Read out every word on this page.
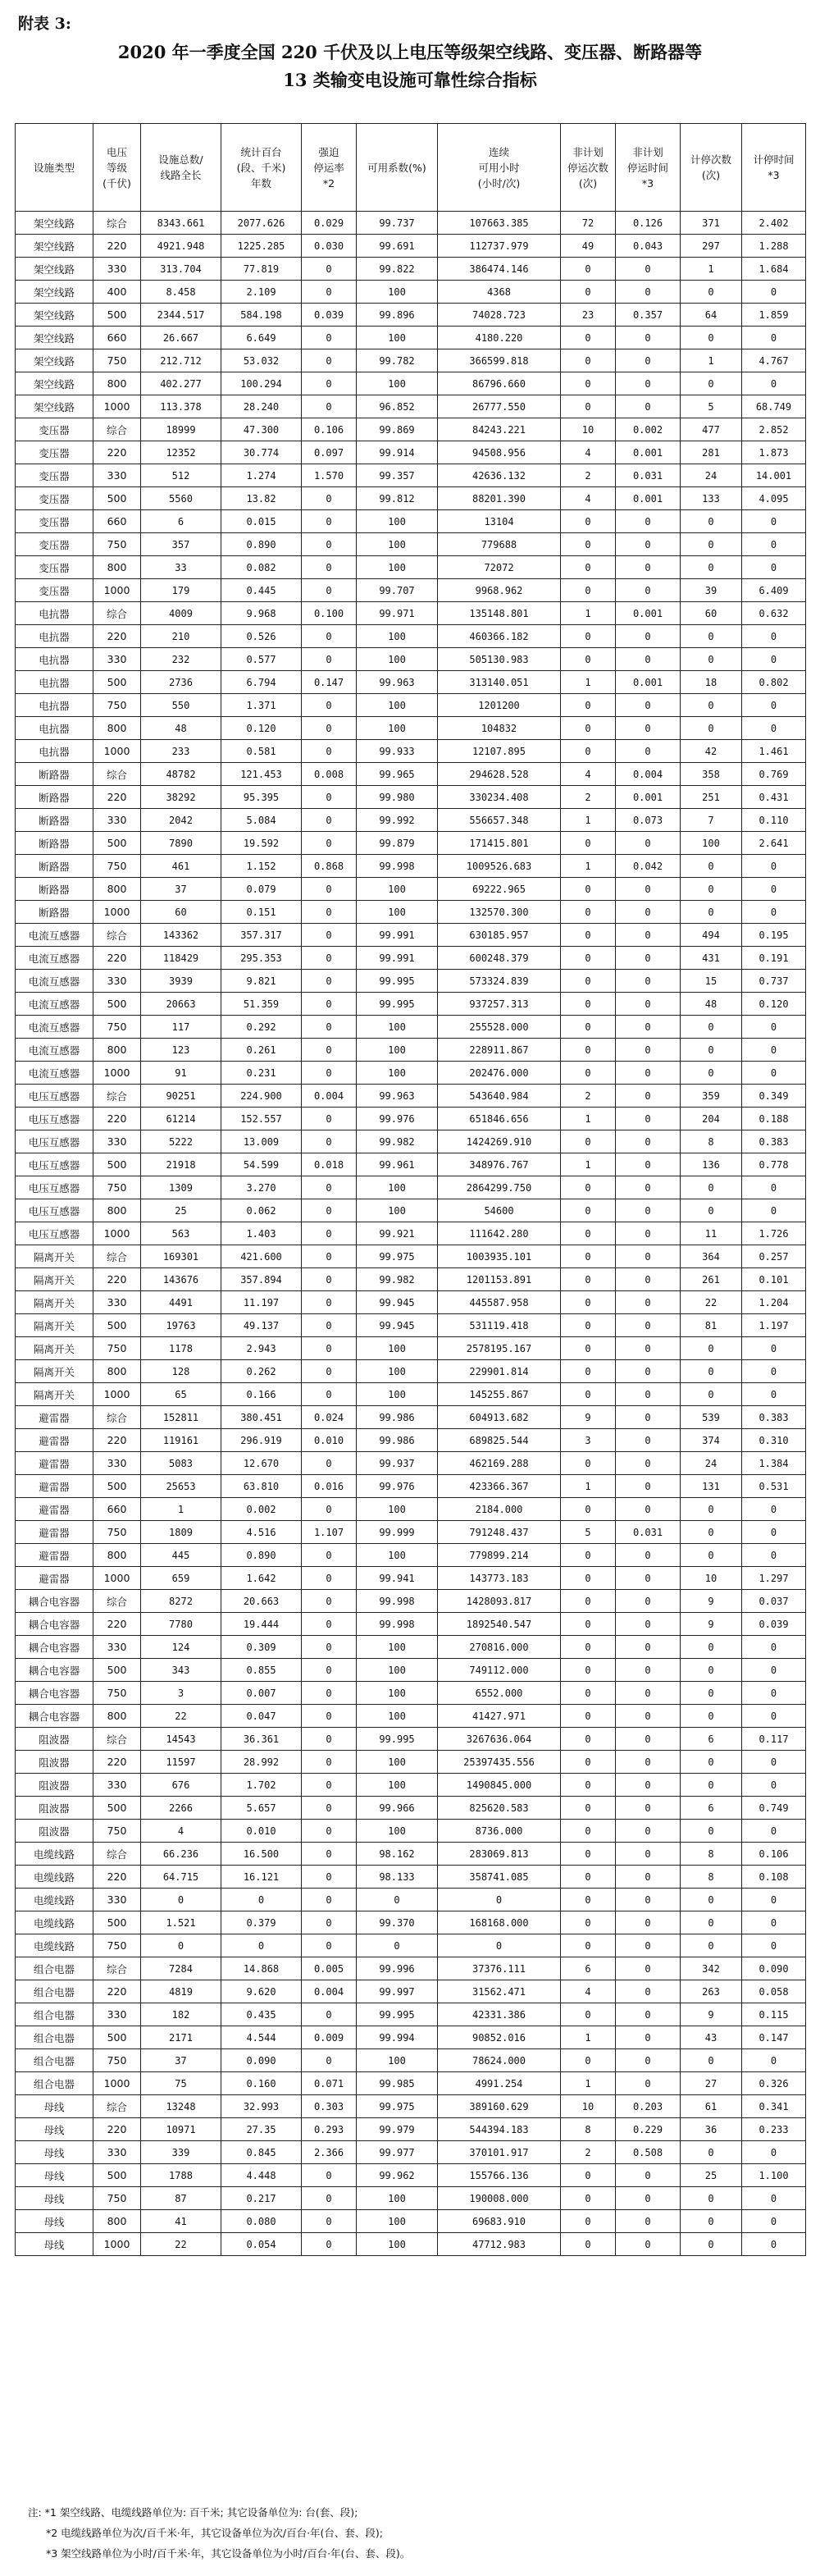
附表 3:
2020 年一季度全国 220 千伏及以上电压等级架空线路、变压器、断路器等
13 类输变电设施可靠性综合指标
设施类型	电压
等级
(千伏)	设施总数/
线路全长	统计百台
(段、千米)
年数	强迫
停运率
*2	可用系数(%)	连续
可用小时
(小时/次)	非计划
停运次数
(次)	非计划
停运时间
*3	计停次数
(次)	计停时间
*3

架空线路	综合	8343.661	2077.626	0.029	99.737	107663.385	72	0.126	371	2.402
架空线路	220	4921.948	1225.285	0.030	99.691	112737.979	49	0.043	297	1.288
架空线路	330	313.704	77.819	0	99.822	386474.146	0	0	1	1.684
架空线路	400	8.458	2.109	0	100	4368	0	0	0	0
架空线路	500	2344.517	584.198	0.039	99.896	74028.723	23	0.357	64	1.859
架空线路	660	26.667	6.649	0	100	4180.220	0	0	0	0
架空线路	750	212.712	53.032	0	99.782	366599.818	0	0	1	4.767
架空线路	800	402.277	100.294	0	100	86796.660	0	0	0	0
架空线路	1000	113.378	28.240	0	96.852	26777.550	0	0	5	68.749
变压器	综合	18999	47.300	0.106	99.869	84243.221	10	0.002	477	2.852
变压器	220	12352	30.774	0.097	99.914	94508.956	4	0.001	281	1.873
变压器	330	512	1.274	1.570	99.357	42636.132	2	0.031	24	14.001
变压器	500	5560	13.82	0	99.812	88201.390	4	0.001	133	4.095
变压器	660	6	0.015	0	100	13104	0	0	0	0
变压器	750	357	0.890	0	100	779688	0	0	0	0
变压器	800	33	0.082	0	100	72072	0	0	0	0
变压器	1000	179	0.445	0	99.707	9968.962	0	0	39	6.409
电抗器	综合	4009	9.968	0.100	99.971	135148.801	1	0.001	60	0.632
电抗器	220	210	0.526	0	100	460366.182	0	0	0	0
电抗器	330	232	0.577	0	100	505130.983	0	0	0	0
电抗器	500	2736	6.794	0.147	99.963	313140.051	1	0.001	18	0.802
电抗器	750	550	1.371	0	100	1201200	0	0	0	0
电抗器	800	48	0.120	0	100	104832	0	0	0	0
电抗器	1000	233	0.581	0	99.933	12107.895	0	0	42	1.461
断路器	综合	48782	121.453	0.008	99.965	294628.528	4	0.004	358	0.769
断路器	220	38292	95.395	0	99.980	330234.408	2	0.001	251	0.431
断路器	330	2042	5.084	0	99.992	556657.348	1	0.073	7	0.110
断路器	500	7890	19.592	0	99.879	171415.801	0	0	100	2.641
断路器	750	461	1.152	0.868	99.998	1009526.683	1	0.042	0	0
断路器	800	37	0.079	0	100	69222.965	0	0	0	0
断路器	1000	60	0.151	0	100	132570.300	0	0	0	0
电流互感器	综合	143362	357.317	0	99.991	630185.957	0	0	494	0.195
电流互感器	220	118429	295.353	0	99.991	600248.379	0	0	431	0.191
电流互感器	330	3939	9.821	0	99.995	573324.839	0	0	15	0.737
电流互感器	500	20663	51.359	0	99.995	937257.313	0	0	48	0.120
电流互感器	750	117	0.292	0	100	255528.000	0	0	0	0
电流互感器	800	123	0.261	0	100	228911.867	0	0	0	0
电流互感器	1000	91	0.231	0	100	202476.000	0	0	0	0
电压互感器	综合	90251	224.900	0.004	99.963	543640.984	2	0	359	0.349
电压互感器	220	61214	152.557	0	99.976	651846.656	1	0	204	0.188
电压互感器	330	5222	13.009	0	99.982	1424269.910	0	0	8	0.383
电压互感器	500	21918	54.599	0.018	99.961	348976.767	1	0	136	0.778
电压互感器	750	1309	3.270	0	100	2864299.750	0	0	0	0
电压互感器	800	25	0.062	0	100	54600	0	0	0	0
电压互感器	1000	563	1.403	0	99.921	111642.280	0	0	11	1.726
隔离开关	综合	169301	421.600	0	99.975	1003935.101	0	0	364	0.257
隔离开关	220	143676	357.894	0	99.982	1201153.891	0	0	261	0.101
隔离开关	330	4491	11.197	0	99.945	445587.958	0	0	22	1.204
隔离开关	500	19763	49.137	0	99.945	531119.418	0	0	81	1.197
隔离开关	750	1178	2.943	0	100	2578195.167	0	0	0	0
隔离开关	800	128	0.262	0	100	229901.814	0	0	0	0
隔离开关	1000	65	0.166	0	100	145255.867	0	0	0	0
避雷器	综合	152811	380.451	0.024	99.986	604913.682	9	0	539	0.383
避雷器	220	119161	296.919	0.010	99.986	689825.544	3	0	374	0.310
避雷器	330	5083	12.670	0	99.937	462169.288	0	0	24	1.384
避雷器	500	25653	63.810	0.016	99.976	423366.367	1	0	131	0.531
避雷器	660	1	0.002	0	100	2184.000	0	0	0	0
避雷器	750	1809	4.516	1.107	99.999	791248.437	5	0.031	0	0
避雷器	800	445	0.890	0	100	779899.214	0	0	0	0
避雷器	1000	659	1.642	0	99.941	143773.183	0	0	10	1.297
耦合电容器	综合	8272	20.663	0	99.998	1428093.817	0	0	9	0.037
耦合电容器	220	7780	19.444	0	99.998	1892540.547	0	0	9	0.039
耦合电容器	330	124	0.309	0	100	270816.000	0	0	0	0
耦合电容器	500	343	0.855	0	100	749112.000	0	0	0	0
耦合电容器	750	3	0.007	0	100	6552.000	0	0	0	0
耦合电容器	800	22	0.047	0	100	41427.971	0	0	0	0
阻波器	综合	14543	36.361	0	99.995	3267636.064	0	0	6	0.117
阻波器	220	11597	28.992	0	100	25397435.556	0	0	0	0
阻波器	330	676	1.702	0	100	1490845.000	0	0	0	0
阻波器	500	2266	5.657	0	99.966	825620.583	0	0	6	0.749
阻波器	750	4	0.010	0	100	8736.000	0	0	0	0
电缆线路	综合	66.236	16.500	0	98.162	283069.813	0	0	8	0.106
电缆线路	220	64.715	16.121	0	98.133	358741.085	0	0	8	0.108
电缆线路	330	0	0	0	0	0	0	0	0	0
电缆线路	500	1.521	0.379	0	99.370	168168.000	0	0	0	0
电缆线路	750	0	0	0	0	0	0	0	0	0
组合电器	综合	7284	14.868	0.005	99.996	37376.111	6	0	342	0.090
组合电器	220	4819	9.620	0.004	99.997	31562.471	4	0	263	0.058
组合电器	330	182	0.435	0	99.995	42331.386	0	0	9	0.115
组合电器	500	2171	4.544	0.009	99.994	90852.016	1	0	43	0.147
组合电器	750	37	0.090	0	100	78624.000	0	0	0	0
组合电器	1000	75	0.160	0.071	99.985	4991.254	1	0	27	0.326
母线	综合	13248	32.993	0.303	99.975	389160.629	10	0.203	61	0.341
母线	220	10971	27.35	0.293	99.979	544394.183	8	0.229	36	0.233
母线	330	339	0.845	2.366	99.977	370101.917	2	0.508	0	0
母线	500	1788	4.448	0	99.962	155766.136	0	0	25	1.100
母线	750	87	0.217	0	100	190008.000	0	0	0	0
母线	800	41	0.080	0	100	69683.910	0	0	0	0
母线	1000	22	0.054	0	100	47712.983	0	0	0	0
注: *1 架空线路、电缆线路单位为: 百千米; 其它设备单位为: 台(套、段);
*2 电缆线路单位为次/百千米·年，其它设备单位为次/百台·年(台、套、段);
*3 架空线路单位为小时/百千米·年，其它设备单位为小时/百台·年(台、套、段)。
